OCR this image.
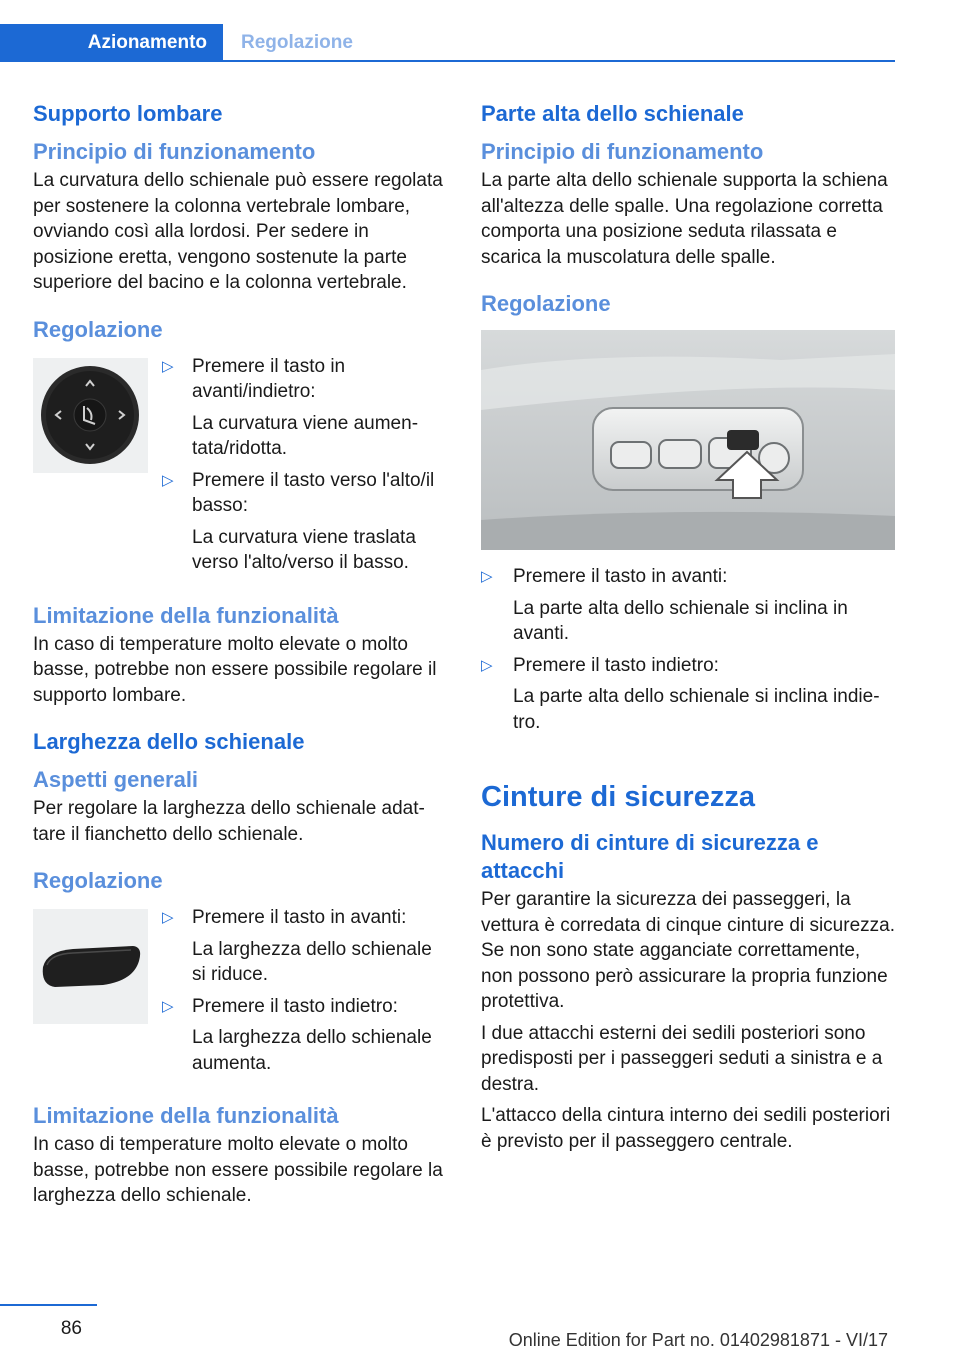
Azionamento Regolazione
Supporto lombare
Principio di funzionamento
La curvatura dello schienale può essere regolata per sostenere la colonna vertebrale lombare, ovviando così alla lordosi. Per sedere in posizione eretta, vengono sostenute la parte superiore del bacino e la colonna vertebrale.
Regolazione
▷ Premere il tasto in avanti/indietro:
La curvatura viene aumentata/ridotta.
▷ Premere il tasto verso l'alto/il basso:
La curvatura viene traslata verso l'alto/verso il basso.
Limitazione della funzionalità
In caso di temperature molto elevate o molto basse, potrebbe non essere possibile regolare il supporto lombare.
Larghezza dello schienale
Aspetti generali
Per regolare la larghezza dello schienale adattare il fianchetto dello schienale.
Regolazione
▷ Premere il tasto in avanti:
La larghezza dello schienale si riduce.
▷ Premere il tasto indietro:
La larghezza dello schienale aumenta.
Limitazione della funzionalità
In caso di temperature molto elevate o molto basse, potrebbe non essere possibile regolare la larghezza dello schienale.
Parte alta dello schienale
Principio di funzionamento
La parte alta dello schienale supporta la schiena all'altezza delle spalle. Una regolazione corretta comporta una posizione seduta rilassata e scarica la muscolatura delle spalle.
Regolazione
▷	Premere il tasto in avanti:
La parte alta dello schienale si inclina in avanti.
▷	Premere il tasto indietro:
La parte alta dello schienale si inclina indietro.
Cinture di sicurezza
Numero di cinture di sicurezza e attacchi
Per garantire la sicurezza dei passeggeri, la vettura è corredata di cinque cinture di sicurezza. Se non sono state agganciate correttamente, non possono però assicurare la propria funzione protettiva.
I due attacchi esterni dei sedili posteriori sono predisposti per i passeggeri seduti a sinistra e a destra.
L'attacco della cintura interno dei sedili posteriori è previsto per il passeggero centrale.
86
Online Edition for Part no. 01402981871 - VI/17
